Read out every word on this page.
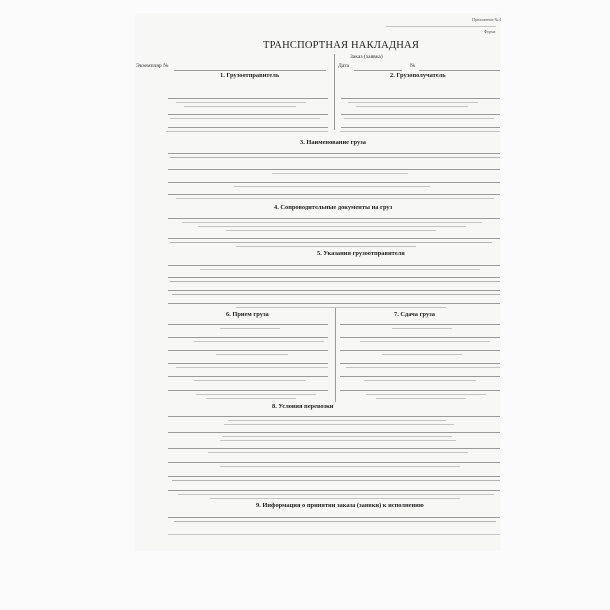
Приложение № 4
Форма
ТРАНСПОРТНАЯ НАКЛАДНАЯ
Заказ (заявка)
Экземпляр №	Дата	№
1. Грузоотправитель	2. Грузополучатель
3. Наименование груза
4. Сопроводительные документы на груз
5. Указания грузоотправителя
6. Прием груза	7. Сдача груза
8. Условия перевозки
9. Информация о принятии заказа (заявки) к исполнению
